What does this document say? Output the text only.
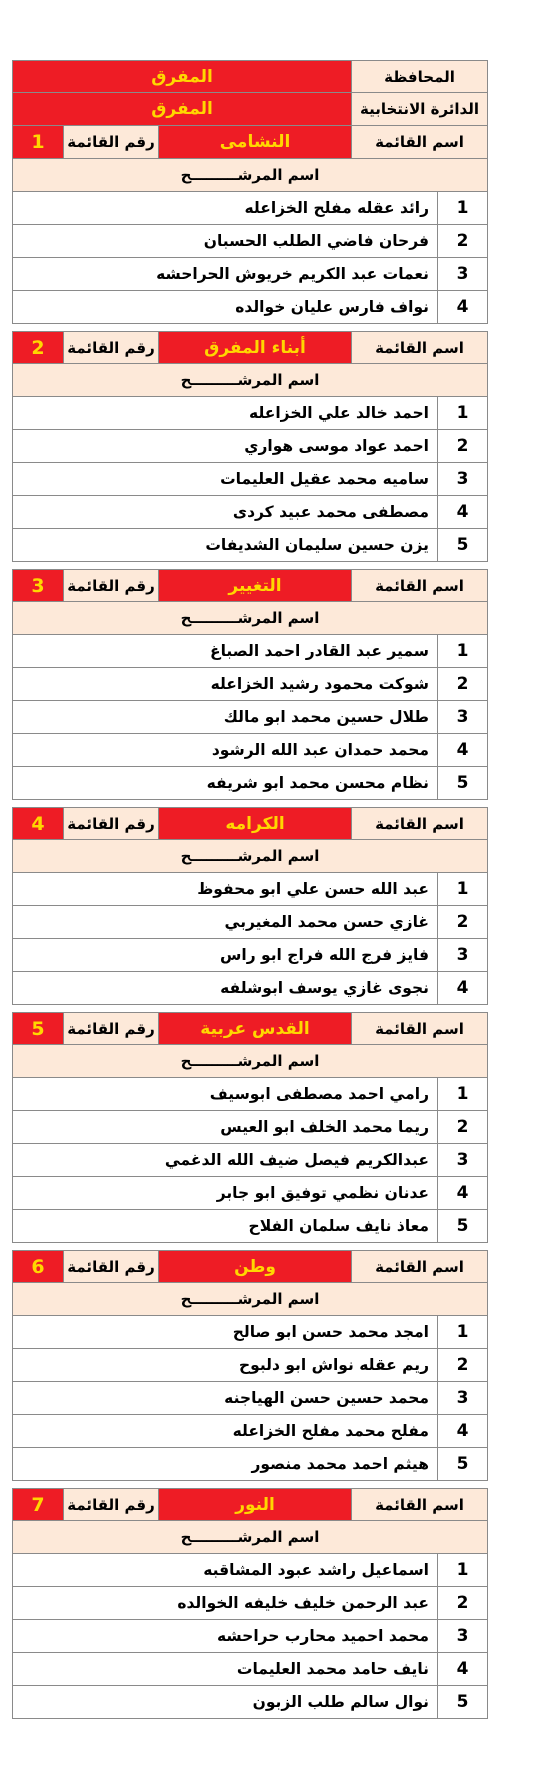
المحافظة
المفرق
الدائرة الانتخابية
المفرق
اسم القائمة
النشامى
رقم القائمة
1
اسم المرشـــــــــح
1
رائد عقله مفلح الخزاعله
2
فرحان فاضي الطلب الحسبان
3
نعمات عبد الكريم خريوش الحراحشه
4
نواف فارس عليان خوالده
اسم القائمة
أبناء المفرق
رقم القائمة
2
اسم المرشـــــــــح
1
احمد خالد علي الخزاعله
2
احمد عواد موسى هواري
3
ساميه محمد عقيل العليمات
4
مصطفى محمد عبيد كردى
5
يزن حسين سليمان الشديفات
اسم القائمة
التغيير
رقم القائمة
3
اسم المرشـــــــــح
1
سمير عبد القادر احمد الصباغ
2
شوكت محمود رشيد الخزاعله
3
طلال حسين محمد ابو مالك
4
محمد حمدان عبد الله الرشود
5
نظام محسن محمد ابو شريفه
اسم القائمة
الكرامه
رقم القائمة
4
اسم المرشـــــــــح
1
عبد الله حسن علي ابو محفوظ
2
غازي حسن محمد المغيربي
3
فايز فرج الله فراج ابو راس
4
نجوى غازي يوسف ابوشلفه
اسم القائمة
القدس عربية
رقم القائمة
5
اسم المرشـــــــــح
1
رامي احمد مصطفى ابوسيف
2
ريما محمد الخلف ابو العيس
3
عبدالكريم فيصل ضيف الله الدغمي
4
عدنان نظمي توفيق ابو جابر
5
معاذ نايف سلمان الفلاح
اسم القائمة
وطن
رقم القائمة
6
اسم المرشـــــــــح
1
امجد محمد حسن ابو صالح
2
ريم عقله نواش ابو دلبوح
3
محمد حسين حسن الهياجنه
4
مفلح محمد مفلح الخزاعله
5
هيثم احمد محمد منصور
اسم القائمة
النور
رقم القائمة
7
اسم المرشـــــــــح
1
اسماعيل راشد عبود المشاقبه
2
عبد الرحمن خليف خليفه الخوالده
3
محمد احميد محارب حراحشه
4
نايف حامد محمد العليمات
5
نوال سالم طلب الزبون
